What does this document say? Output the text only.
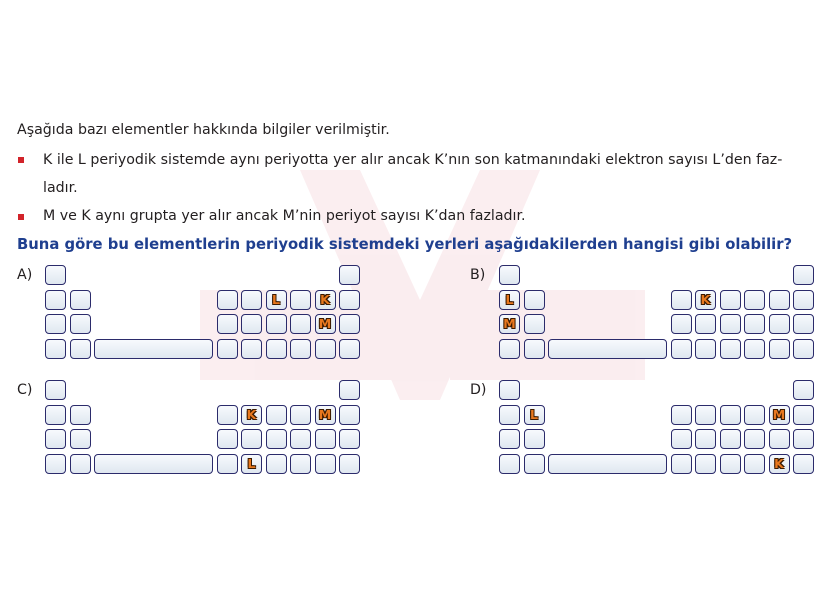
Aşağıda bazı elementler hakkında bilgiler verilmiştir.
K ile L periyodik sistemde aynı periyotta yer alır ancak K’nın son katmanındaki elektron sayısı L’den faz-
ladır.
M ve K aynı grupta yer alır ancak M’nin periyot sayısı K’dan fazladır.
Buna göre bu elementlerin periyodik sistemdeki yerleri aşağıdakilerden hangisi gibi olabilir?
A)
L	K
M
B)
L
M
K
C)
K	M
L
D)
L	M
K
